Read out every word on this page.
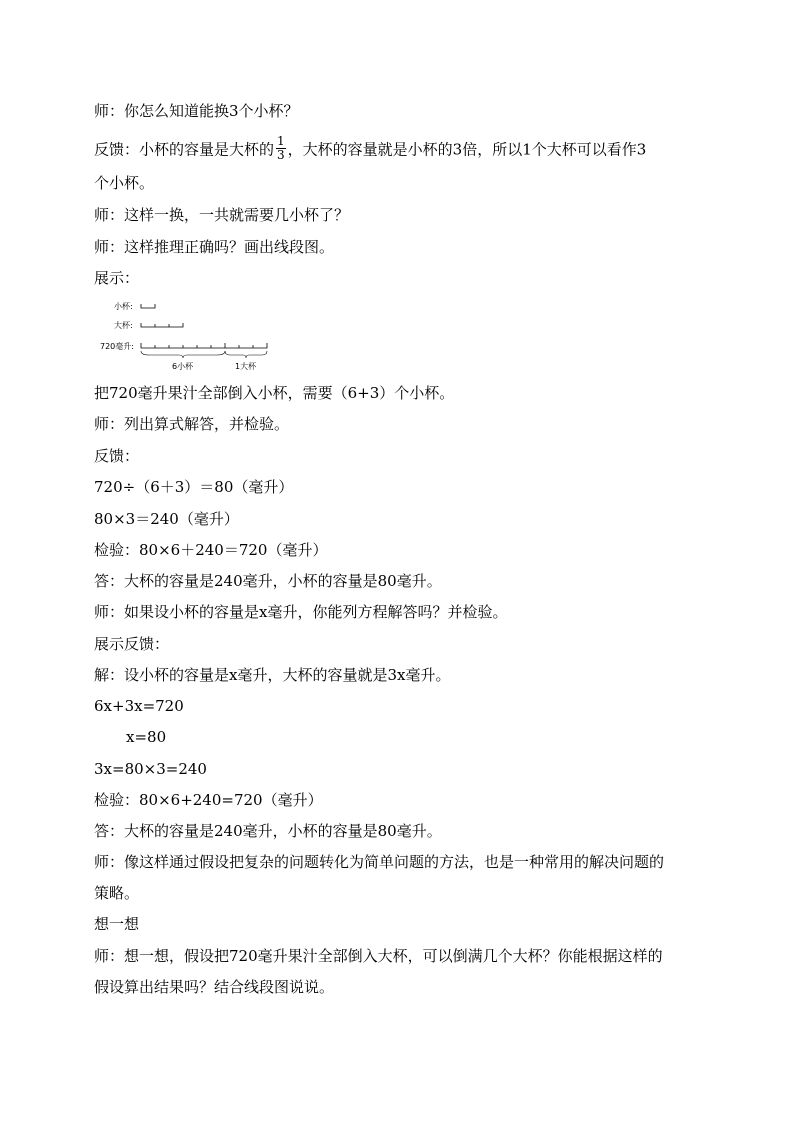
师：你怎么知道能换3个小杯？
反馈：小杯的容量是大杯的 $\frac{1}{3}$ ，大杯的容量就是小杯的3倍，所以1个大杯可以看作3
个小杯。
师：这样一换，一共就需要几小杯了？
师：这样推理正确吗？画出线段图。
展示：
小杯:
大杯:
720毫升:
6小杯	1大杯
把720毫升果汁全部倒入小杯，需要（6+3）个小杯。
师：列出算式解答，并检验。
反馈：
720÷（6＋3）＝80（毫升）
80×3＝240（毫升）
检验：80×6＋240＝720（毫升）
答：大杯的容量是240毫升，小杯的容量是80毫升。
师：如果设小杯的容量是x毫升，你能列方程解答吗？并检验。
展示反馈：
解：设小杯的容量是x毫升，大杯的容量就是3x毫升。
6x+3x=720
x=80
3x=80×3=240
检验：80×6+240=720（毫升）
答：大杯的容量是240毫升，小杯的容量是80毫升。
师：像这样通过假设把复杂的问题转化为简单问题的方法，也是一种常用的解决问题的
策略。
想一想
师：想一想，假设把720毫升果汁全部倒入大杯，可以倒满几个大杯？你能根据这样的
假设算出结果吗？结合线段图说说。
